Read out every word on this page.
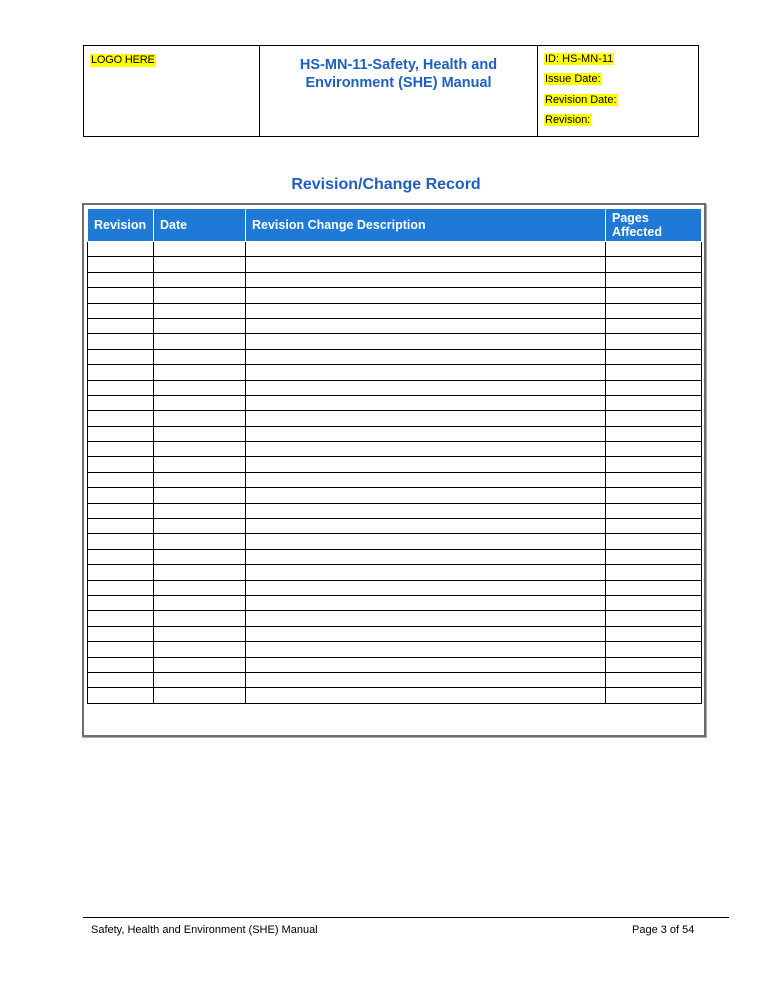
LOGO HERE	HS-MN-11-Safety, Health and
Environment (SHE) Manual
ID: HS-MN-11
Issue Date:
Revision Date:
Revision:
Revision/Change Record
Revision	Date	Revision Change Description	Pages Affected

Safety, Health and Environment (SHE) Manual	Page 3 of 54
